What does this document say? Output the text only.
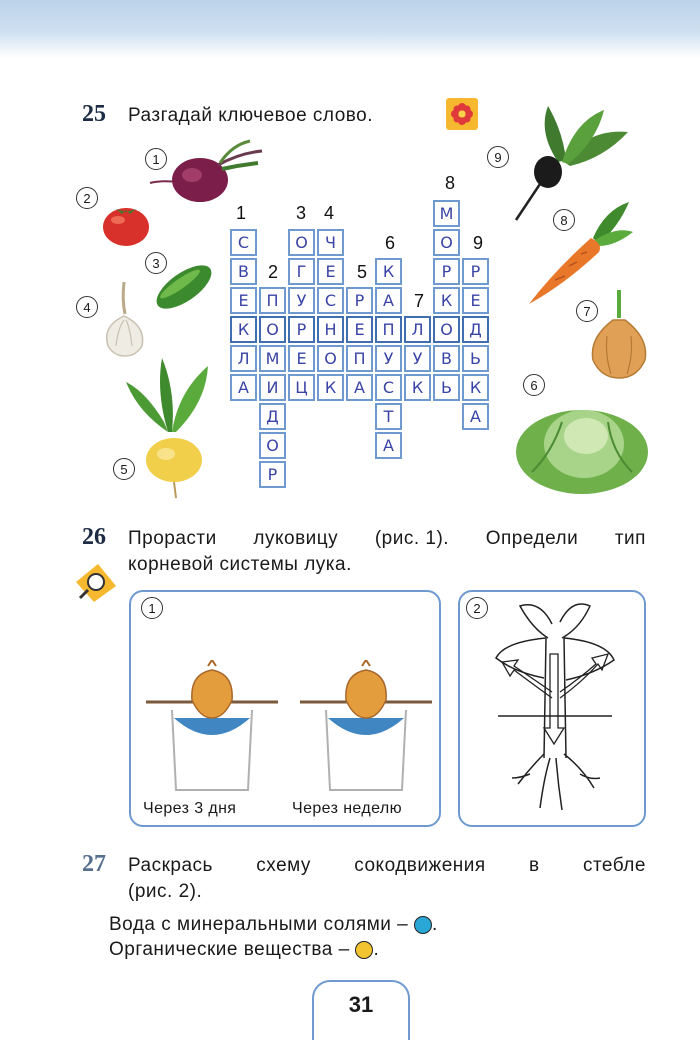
25 Разгадай ключевое слово.
1
2
3
4
5
6
7
8
9
1
2
3 4
5
6
7
8
9
С
В
Е
К
Л
А
П
О
М
И
Д
О
Р
О
Г
У
Р
Е
Ц
Ч
Е
С
Н
О
К
Р
Е
П
А
К
А
П
У
С
Т
А
Л
У
К
М
О
Р
К
О
В
Ь
Р
Е
Д
Ь
К
А
26 Прорасти луковицу (рис. 1). Определи тип
корневой системы лука.
1
Через 3 дня	Через неделю
2
27 Раскрась схему сокодвижения в стебле
(рис. 2).
Вода с минеральными солями – .
Органические вещества – .
31
